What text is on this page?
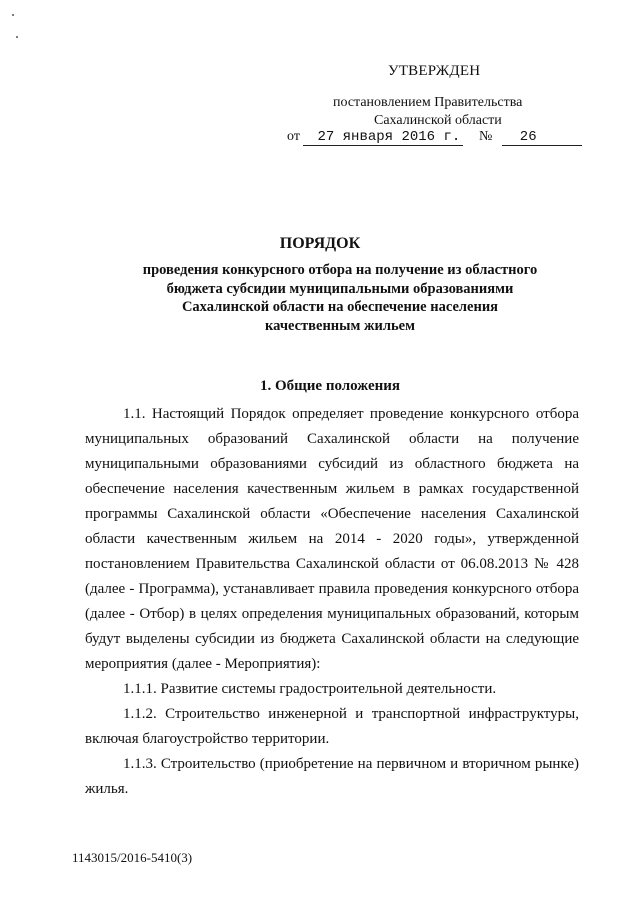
УТВЕРЖДЕН
постановлением Правительства
Сахалинской области
от 27 января 2016 г. № 26
ПОРЯДОК
проведения конкурсного отбора на получение из областного бюджета субсидии муниципальными образованиями Сахалинской области на обеспечение населения качественным жильем
1. Общие положения

1.1. Настоящий Порядок определяет проведение конкурсного отбора

муниципальных образований Сахалинской области на получение

муниципальными образованиями субсидий из областного бюджета на

обеспечение населения качественным жильем в рамках государственной

программы Сахалинской области «Обеспечение населения Сахалинской

области качественным жильем на 2014 - 2020 годы», утвержденной

постановлением Правительства Сахалинской области от 06.08.2013 № 428

(далее - Программа), устанавливает правила проведения конкурсного отбора

(далее - Отбор) в целях определения муниципальных образований, которым

будут выделены субсидии из бюджета Сахалинской области на следующие

мероприятия (далее - Мероприятия):

1.1.1. Развитие системы градостроительной деятельности.

1.1.2. Строительство инженерной и транспортной инфраструктуры,

включая благоустройство территории.

1.1.3. Строительство (приобретение на первичном и вторичном рынке)

жилья.

1143015/2016-5410(3)
